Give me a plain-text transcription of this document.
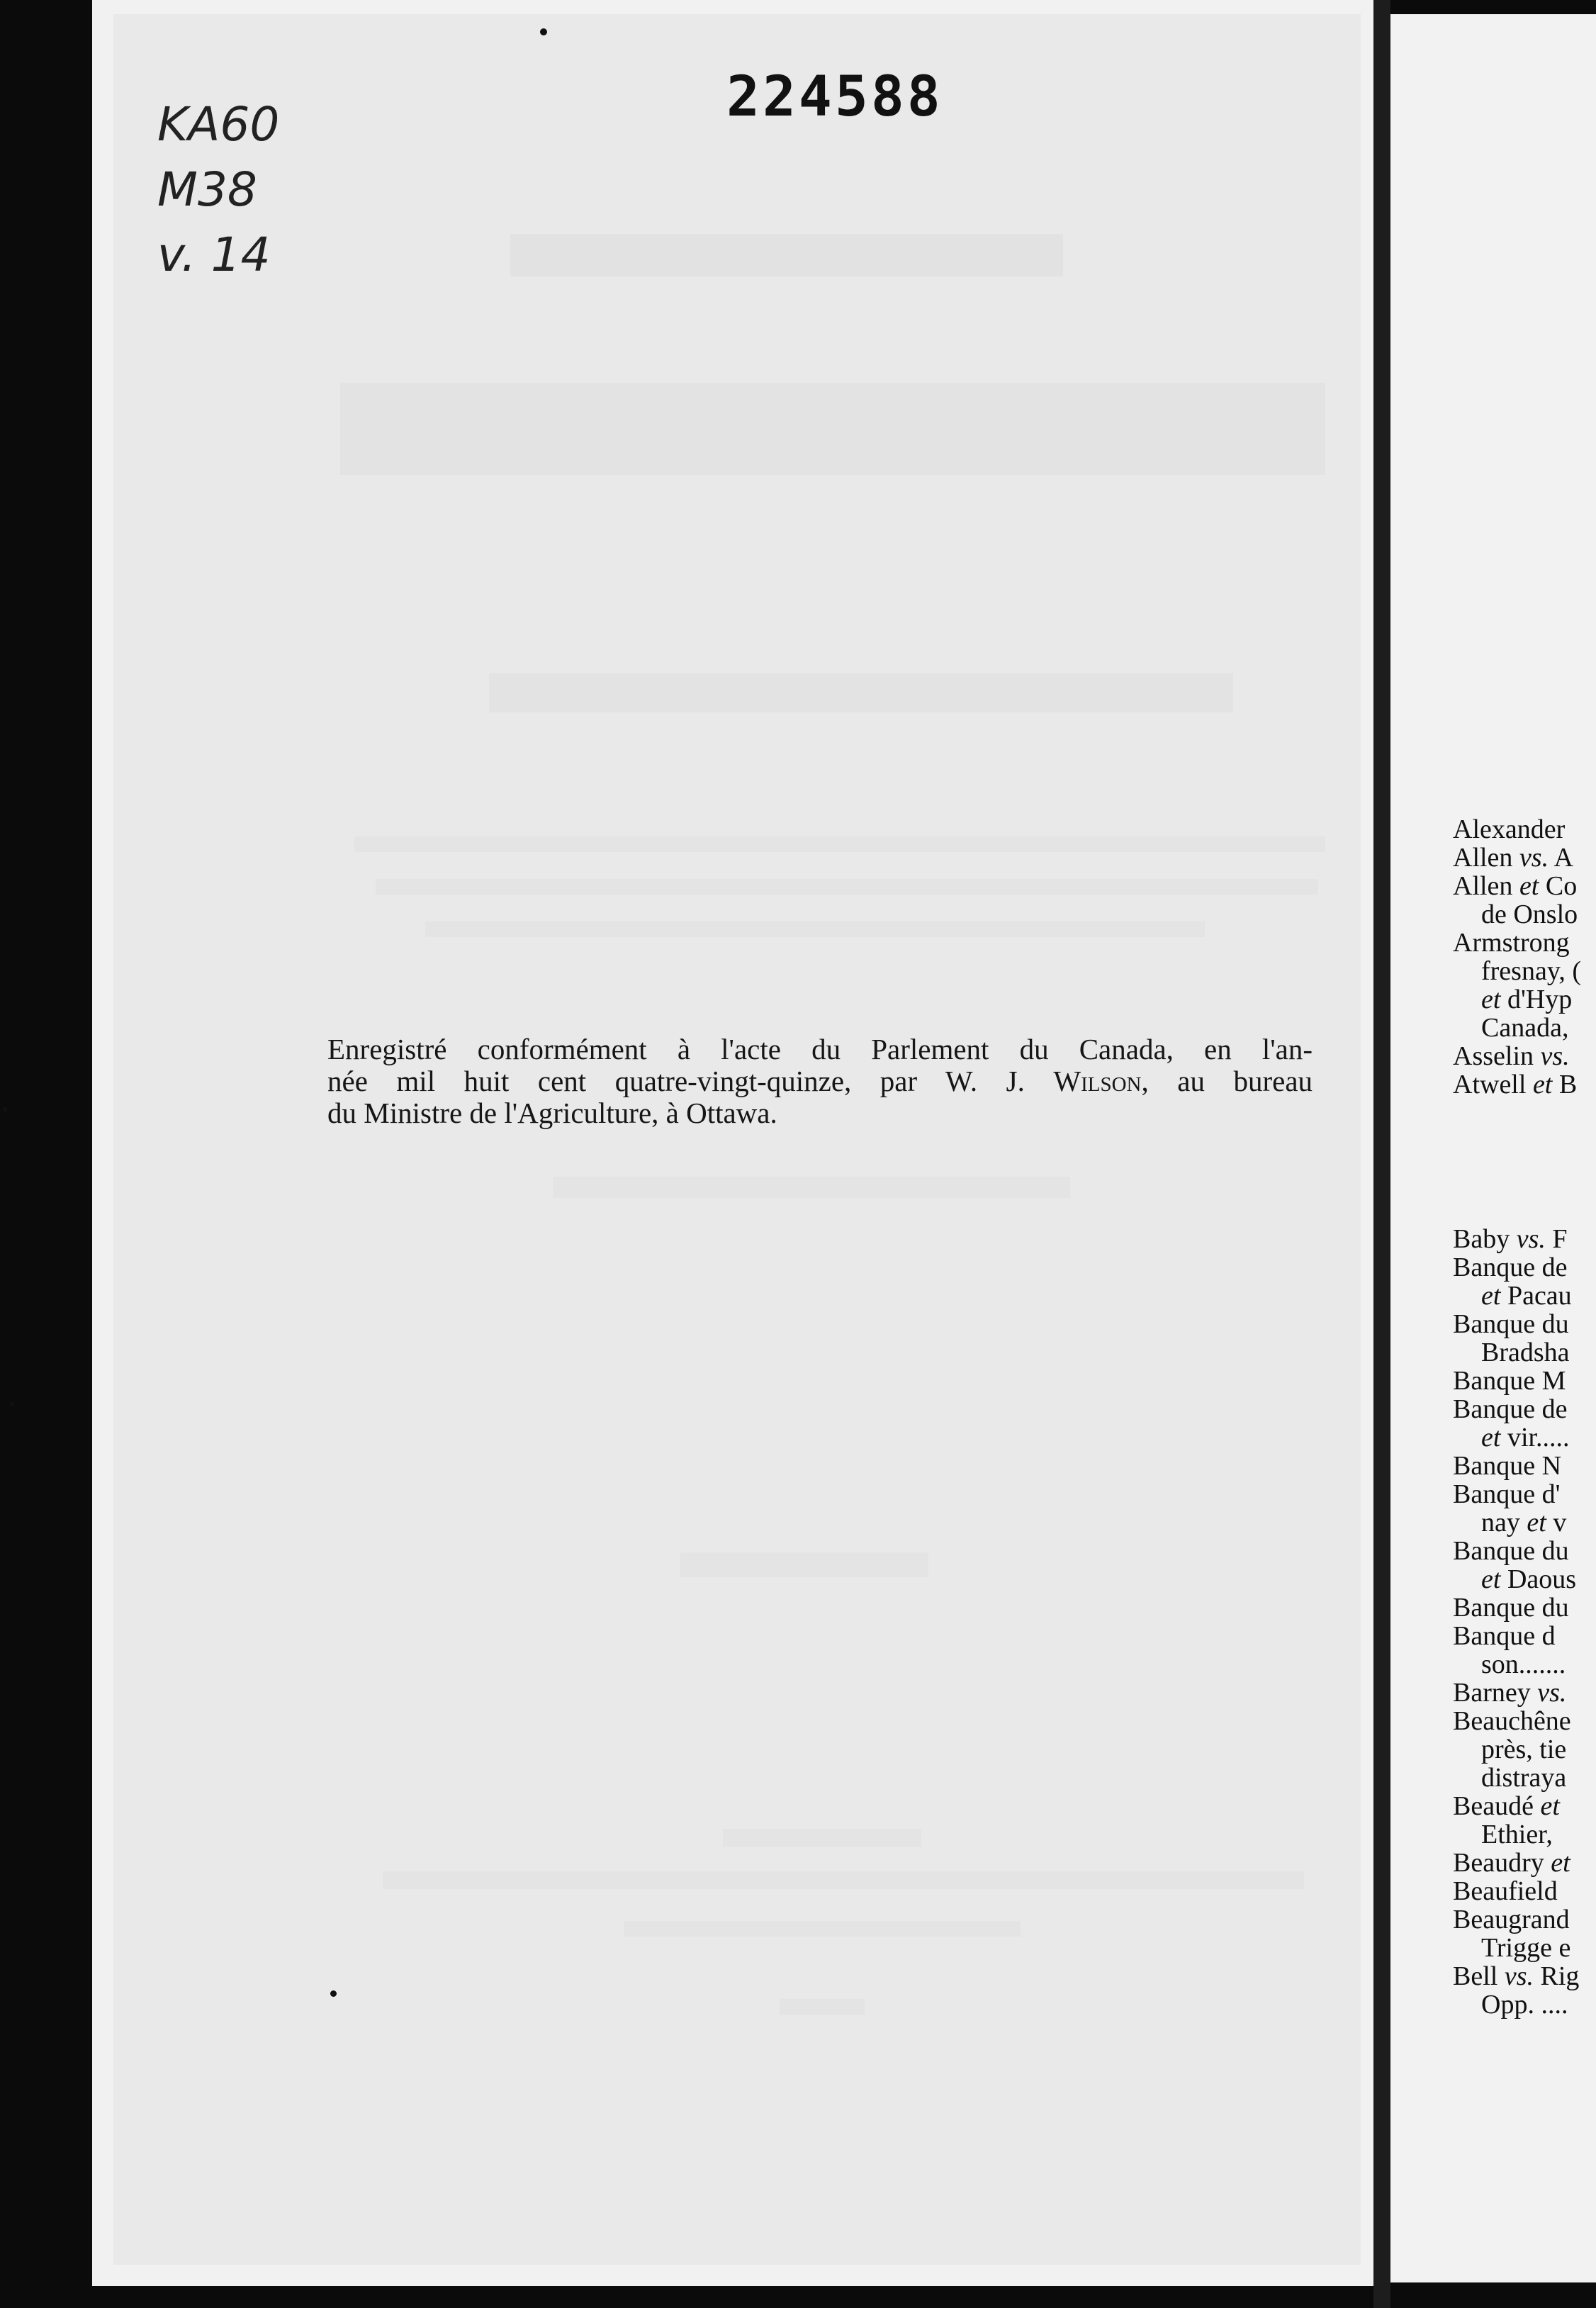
224588
KA60
M38
v. 14
Enregistré conformément à l'acte du Parlement du Canada, en l'an-
née mil huit cent quatre-vingt-quinze, par W. J. Wilson, au bureau
du Ministre de l'Agriculture, à Ottawa.
Alexander
Allen vs. A
Allen et Co
de Onslo
Armstrong
fresnay, (
et d'Hyp
Canada,
Asselin vs.
Atwell et B
Baby vs. F
Banque de
et Pacau
Banque du
Bradsha
Banque M
Banque de
et vir.....
Banque N
Banque d'
nay et v
Banque du
et Daous
Banque du
Banque d
son.......
Barney vs.
Beauchêne
près, tie
distraya
Beaudé et
Ethier,
Beaudry et
Beaufield
Beaugrand
Trigge e
Bell vs. Rig
Opp. ....
